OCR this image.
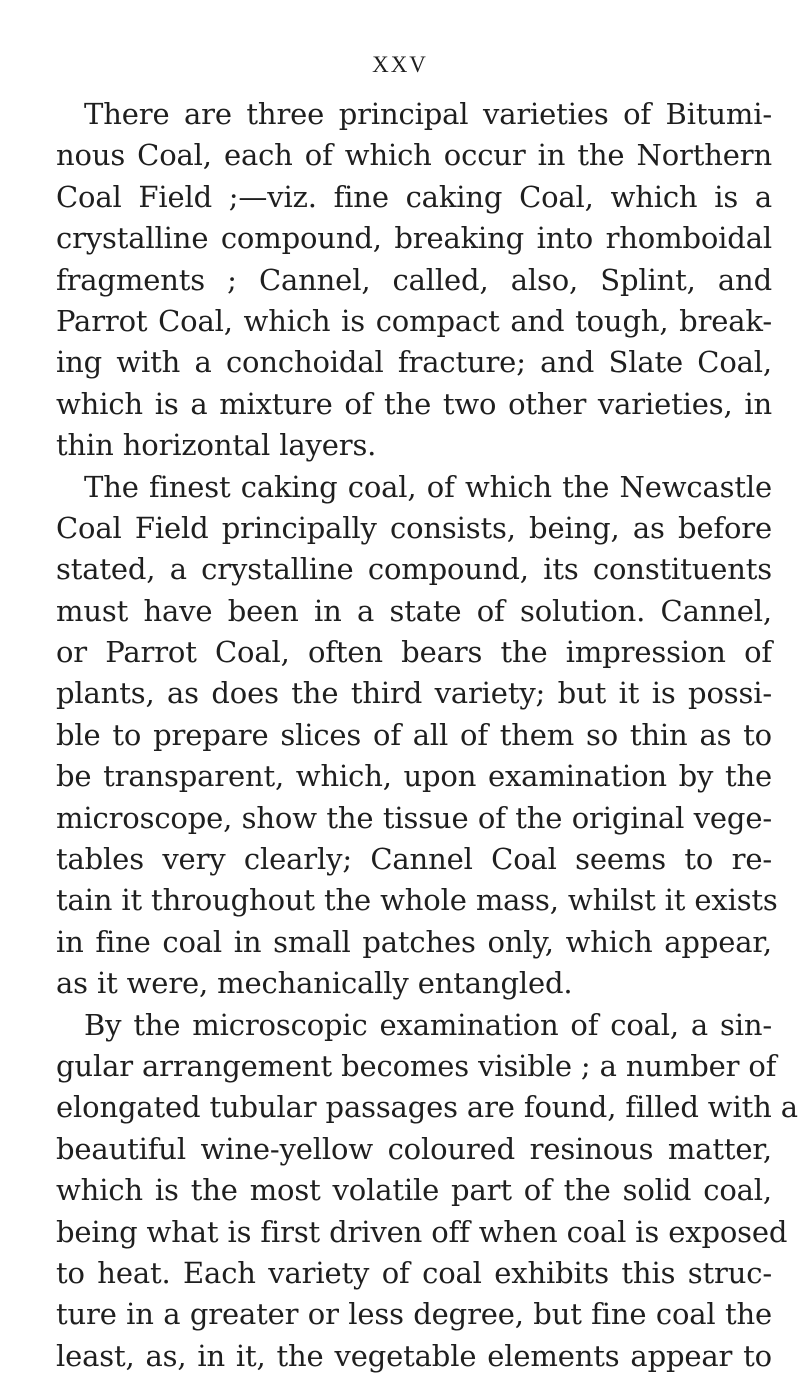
XXV
There are three principal varieties of Bitumi-
nous Coal, each of which occur in the Northern
Coal Field ;—viz. fine caking Coal, which is a
crystalline compound, breaking into rhomboidal
fragments ; Cannel, called, also, Splint, and
Parrot Coal, which is compact and tough, break-
ing with a conchoidal fracture; and Slate Coal,
which is a mixture of the two other varieties, in
thin horizontal layers.
The finest caking coal, of which the Newcastle
Coal Field principally consists, being, as before
stated, a crystalline compound, its constituents
must have been in a state of solution. Cannel,
or Parrot Coal, often bears the impression of
plants, as does the third variety; but it is possi-
ble to prepare slices of all of them so thin as to
be transparent, which, upon examination by the
microscope, show the tissue of the original vege-
tables very clearly; Cannel Coal seems to re-
tain it throughout the whole mass, whilst it exists
in fine coal in small patches only, which appear,
as it were, mechanically entangled.
By the microscopic examination of coal, a sin-
gular arrangement becomes visible ; a number of
elongated tubular passages are found, filled with a
beautiful wine-yellow coloured resinous matter,
which is the most volatile part of the solid coal,
being what is first driven off when coal is exposed
to heat. Each variety of coal exhibits this struc-
ture in a greater or less degree, but fine coal the
least, as, in it, the vegetable elements appear to
